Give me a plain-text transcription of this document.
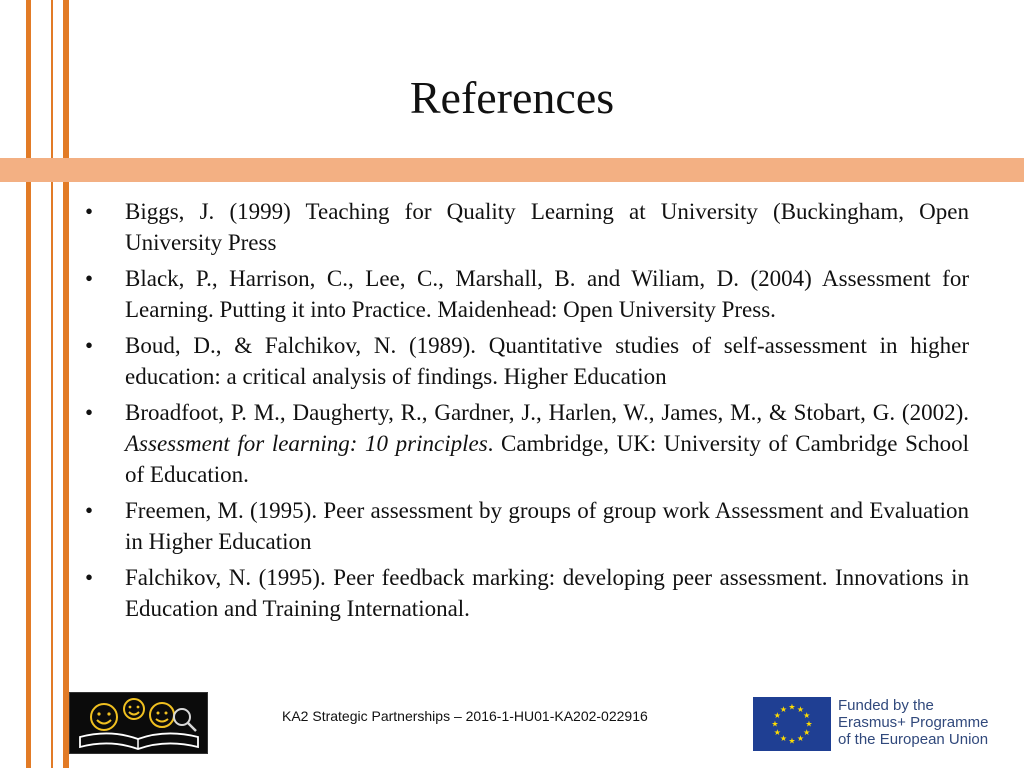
References
• Biggs, J. (1999) Teaching for Quality Learning at University (Buckingham, Open University Press
• Black, P., Harrison, C., Lee, C., Marshall, B. and Wiliam, D. (2004) Assessment for Learning. Putting it into Practice. Maidenhead: Open University Press.
• Boud, D., & Falchikov, N. (1989). Quantitative studies of self-assessment in higher education: a critical analysis of findings. Higher Education
• Broadfoot, P. M., Daugherty, R., Gardner, J., Harlen, W., James, M., & Stobart, G. (2002). Assessment for learning: 10 principles. Cambridge, UK: University of Cambridge School of Education.
• Freemen, M. (1995). Peer assessment by groups of group work Assessment and Evaluation in Higher Education
• Falchikov, N. (1995). Peer feedback marking: developing peer assessment. Innovations in Education and Training International.
KA2 Strategic Partnerships – 2016-1-HU01-KA202-022916
★ ★
★
★
★
★
★
★
★
★
★
★	Funded by the
Erasmus+ Programme
of the European Union
